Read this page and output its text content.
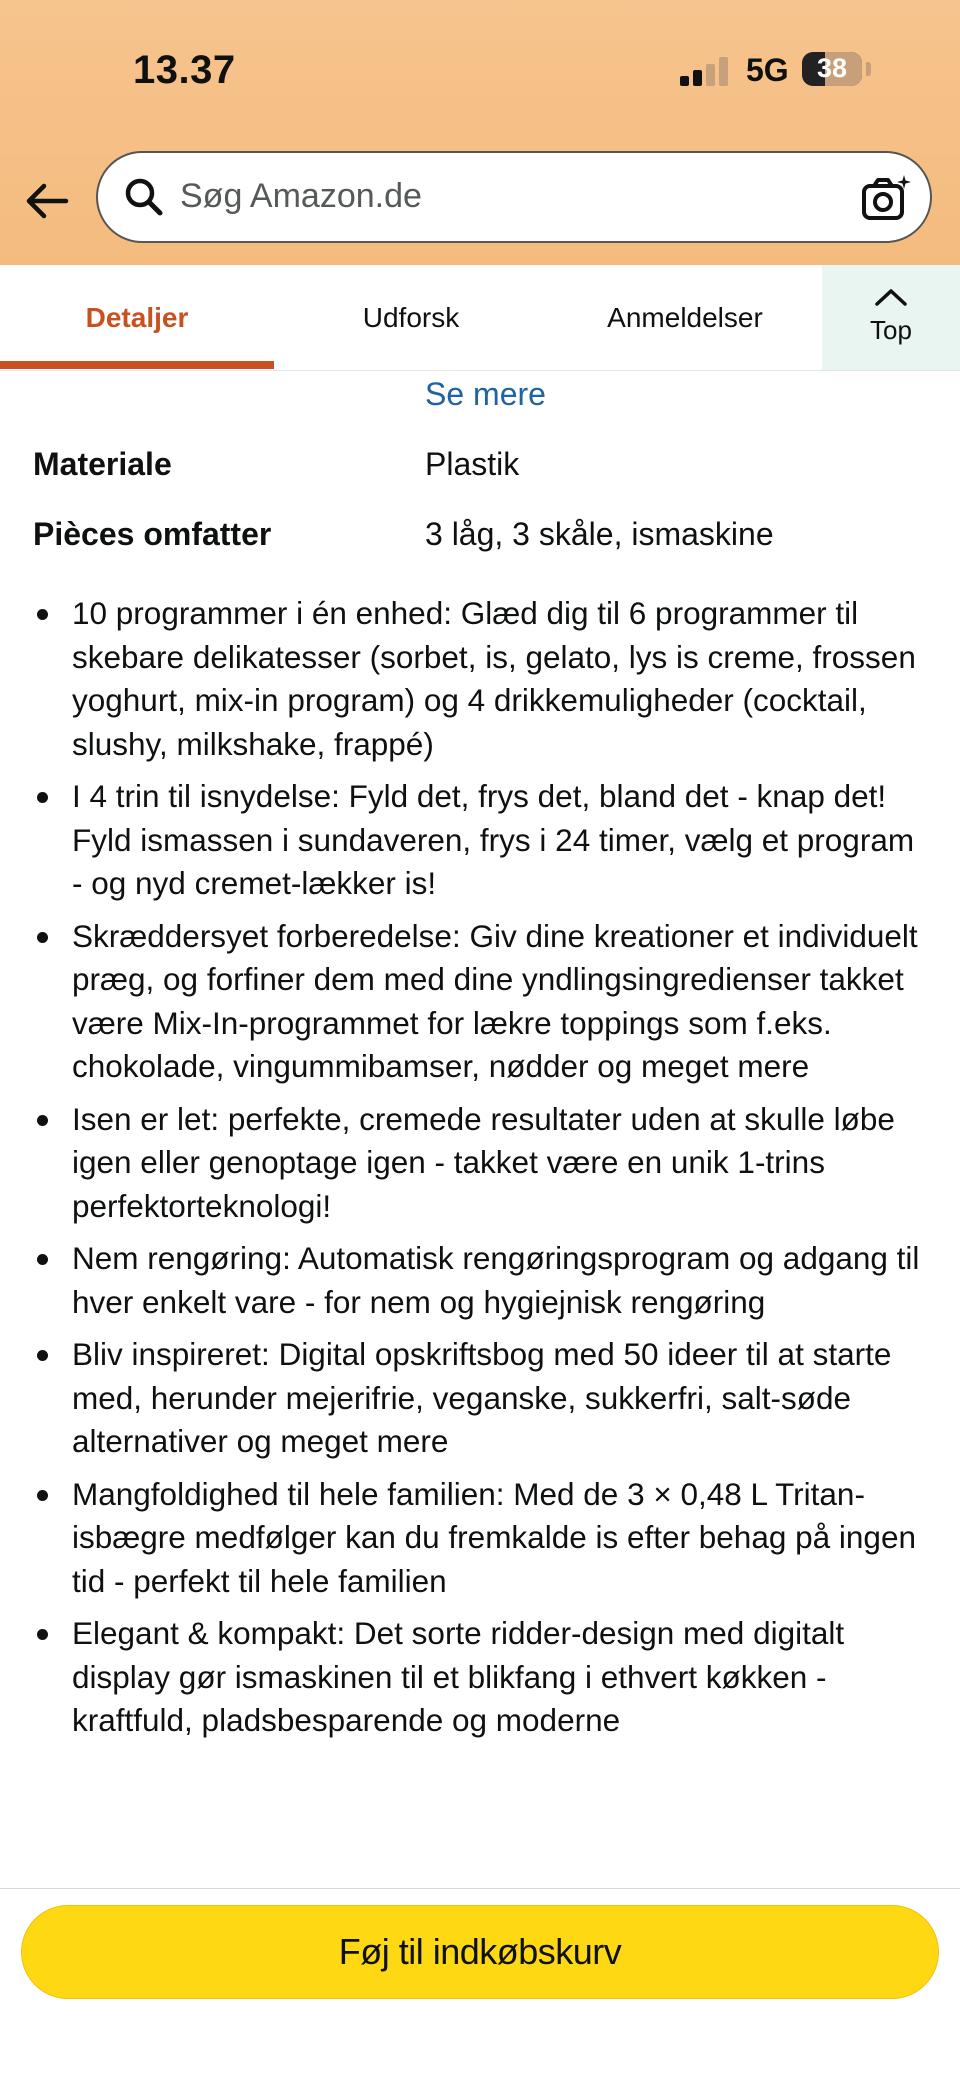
13.37	5G	38
Søg Amazon.de
Detaljer	Udforsk	Anmeldelser	Top
Se mere
Materiale	Plastik
Pièces omfatter	3 låg, 3 skåle, ismaskine
10 programmer i én enhed: Glæd dig til 6 programmer til skebare delikatesser (sorbet, is, gelato, lys is creme, frossen yoghurt, mix-in program) og 4 drikkemuligheder (cocktail, slushy, milkshake, frappé)
I 4 trin til isnydelse: Fyld det, frys det, bland det - knap det! Fyld ismassen i sundaveren, frys i 24 timer, vælg et program - og nyd cremet-lækker is!
Skræddersyet forberedelse: Giv dine kreationer et individuelt præg, og forfiner dem med dine yndlingsingredienser takket være Mix-In-programmet for lækre toppings som f.eks. chokolade, vingummibamser, nødder og meget mere
Isen er let: perfekte, cremede resultater uden at skulle løbe igen eller genoptage igen - takket være en unik 1-trins perfektorteknologi!
Nem rengøring: Automatisk rengøringsprogram og adgang til hver enkelt vare - for nem og hygiejnisk rengøring
Bliv inspireret: Digital opskriftsbog med 50 ideer til at starte med, herunder mejerifrie, veganske, sukkerfri, salt-søde alternativer og meget mere
Mangfoldighed til hele familien: Med de 3 × 0,48 L Tritan-isbægre medfølger kan du fremkalde is efter behag på ingen tid - perfekt til hele familien
Elegant & kompakt: Det sorte ridder-design med digitalt display gør ismaskinen til et blikfang i ethvert køkken - kraftfuld, pladsbesparende og moderne
Føj til indkøbskurv
